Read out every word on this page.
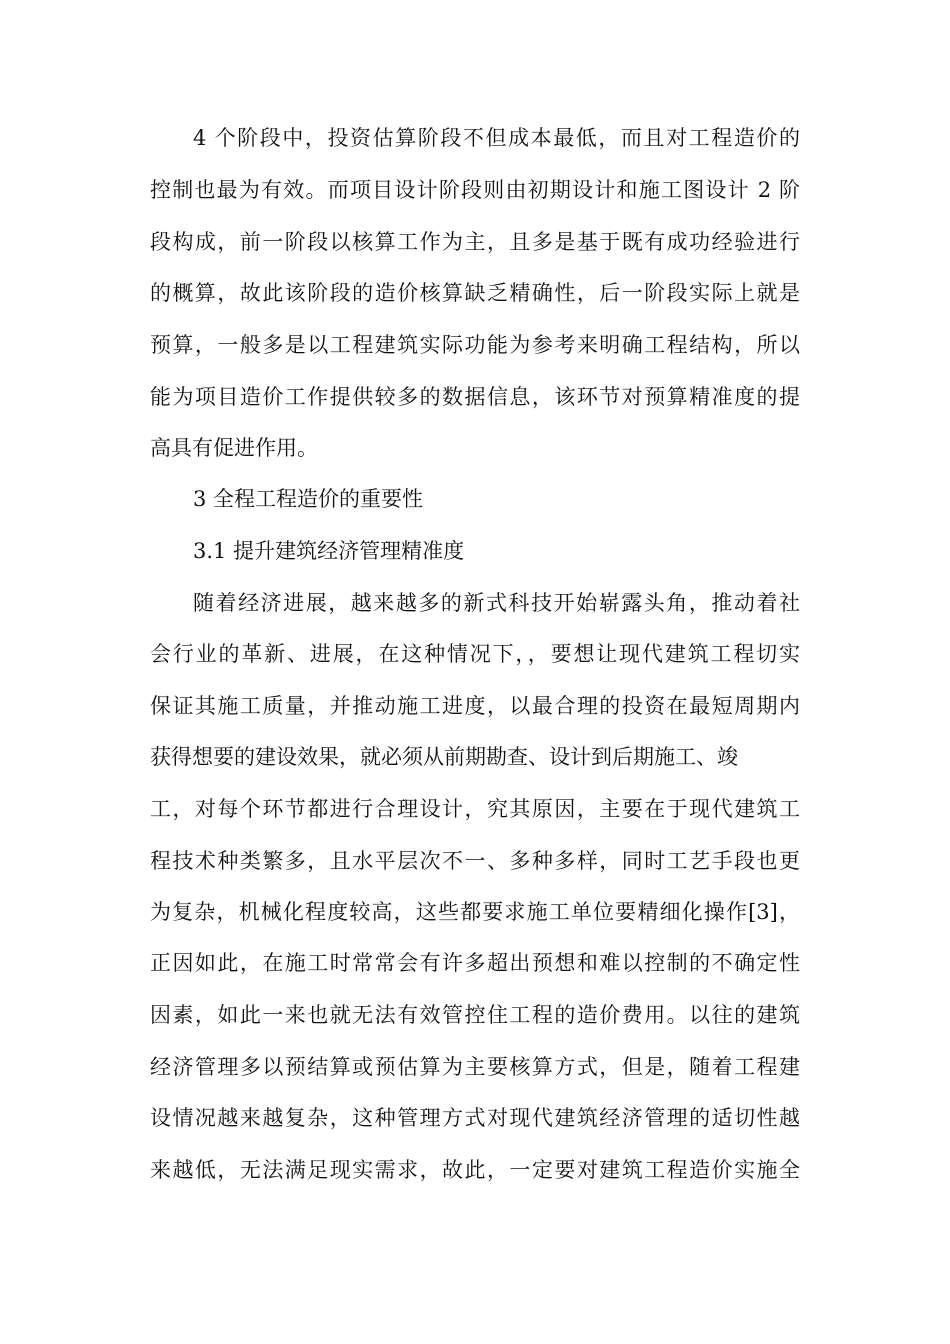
4 个阶段中，投资估算阶段不但成本最低，而且对工程造价的
控制也最为有效。而项目设计阶段则由初期设计和施工图设计 2 阶
段构成，前一阶段以核算工作为主，且多是基于既有成功经验进行
的概算，故此该阶段的造价核算缺乏精确性，后一阶段实际上就是
预算，一般多是以工程建筑实际功能为参考来明确工程结构，所以
能为项目造价工作提供较多的数据信息，该环节对预算精准度的提
高具有促进作用。
3 全程工程造价的重要性
3.1 提升建筑经济管理精准度
随着经济进展，越来越多的新式科技开始崭露头角，推动着社
会行业的革新、进展，在这种情况下，，要想让现代建筑工程切实
保证其施工质量，并推动施工进度，以最合理的投资在最短周期内
获得想要的建设效果，就必须从前期勘查、设计到后期施工、竣
工，对每个环节都进行合理设计，究其原因，主要在于现代建筑工
程技术种类繁多，且水平层次不一、多种多样，同时工艺手段也更
为复杂，机械化程度较高，这些都要求施工单位要精细化操作[3]，
正因如此，在施工时常常会有许多超出预想和难以控制的不确定性
因素，如此一来也就无法有效管控住工程的造价费用。以往的建筑
经济管理多以预结算或预估算为主要核算方式，但是，随着工程建
设情况越来越复杂，这种管理方式对现代建筑经济管理的适切性越
来越低，无法满足现实需求，故此，一定要对建筑工程造价实施全
